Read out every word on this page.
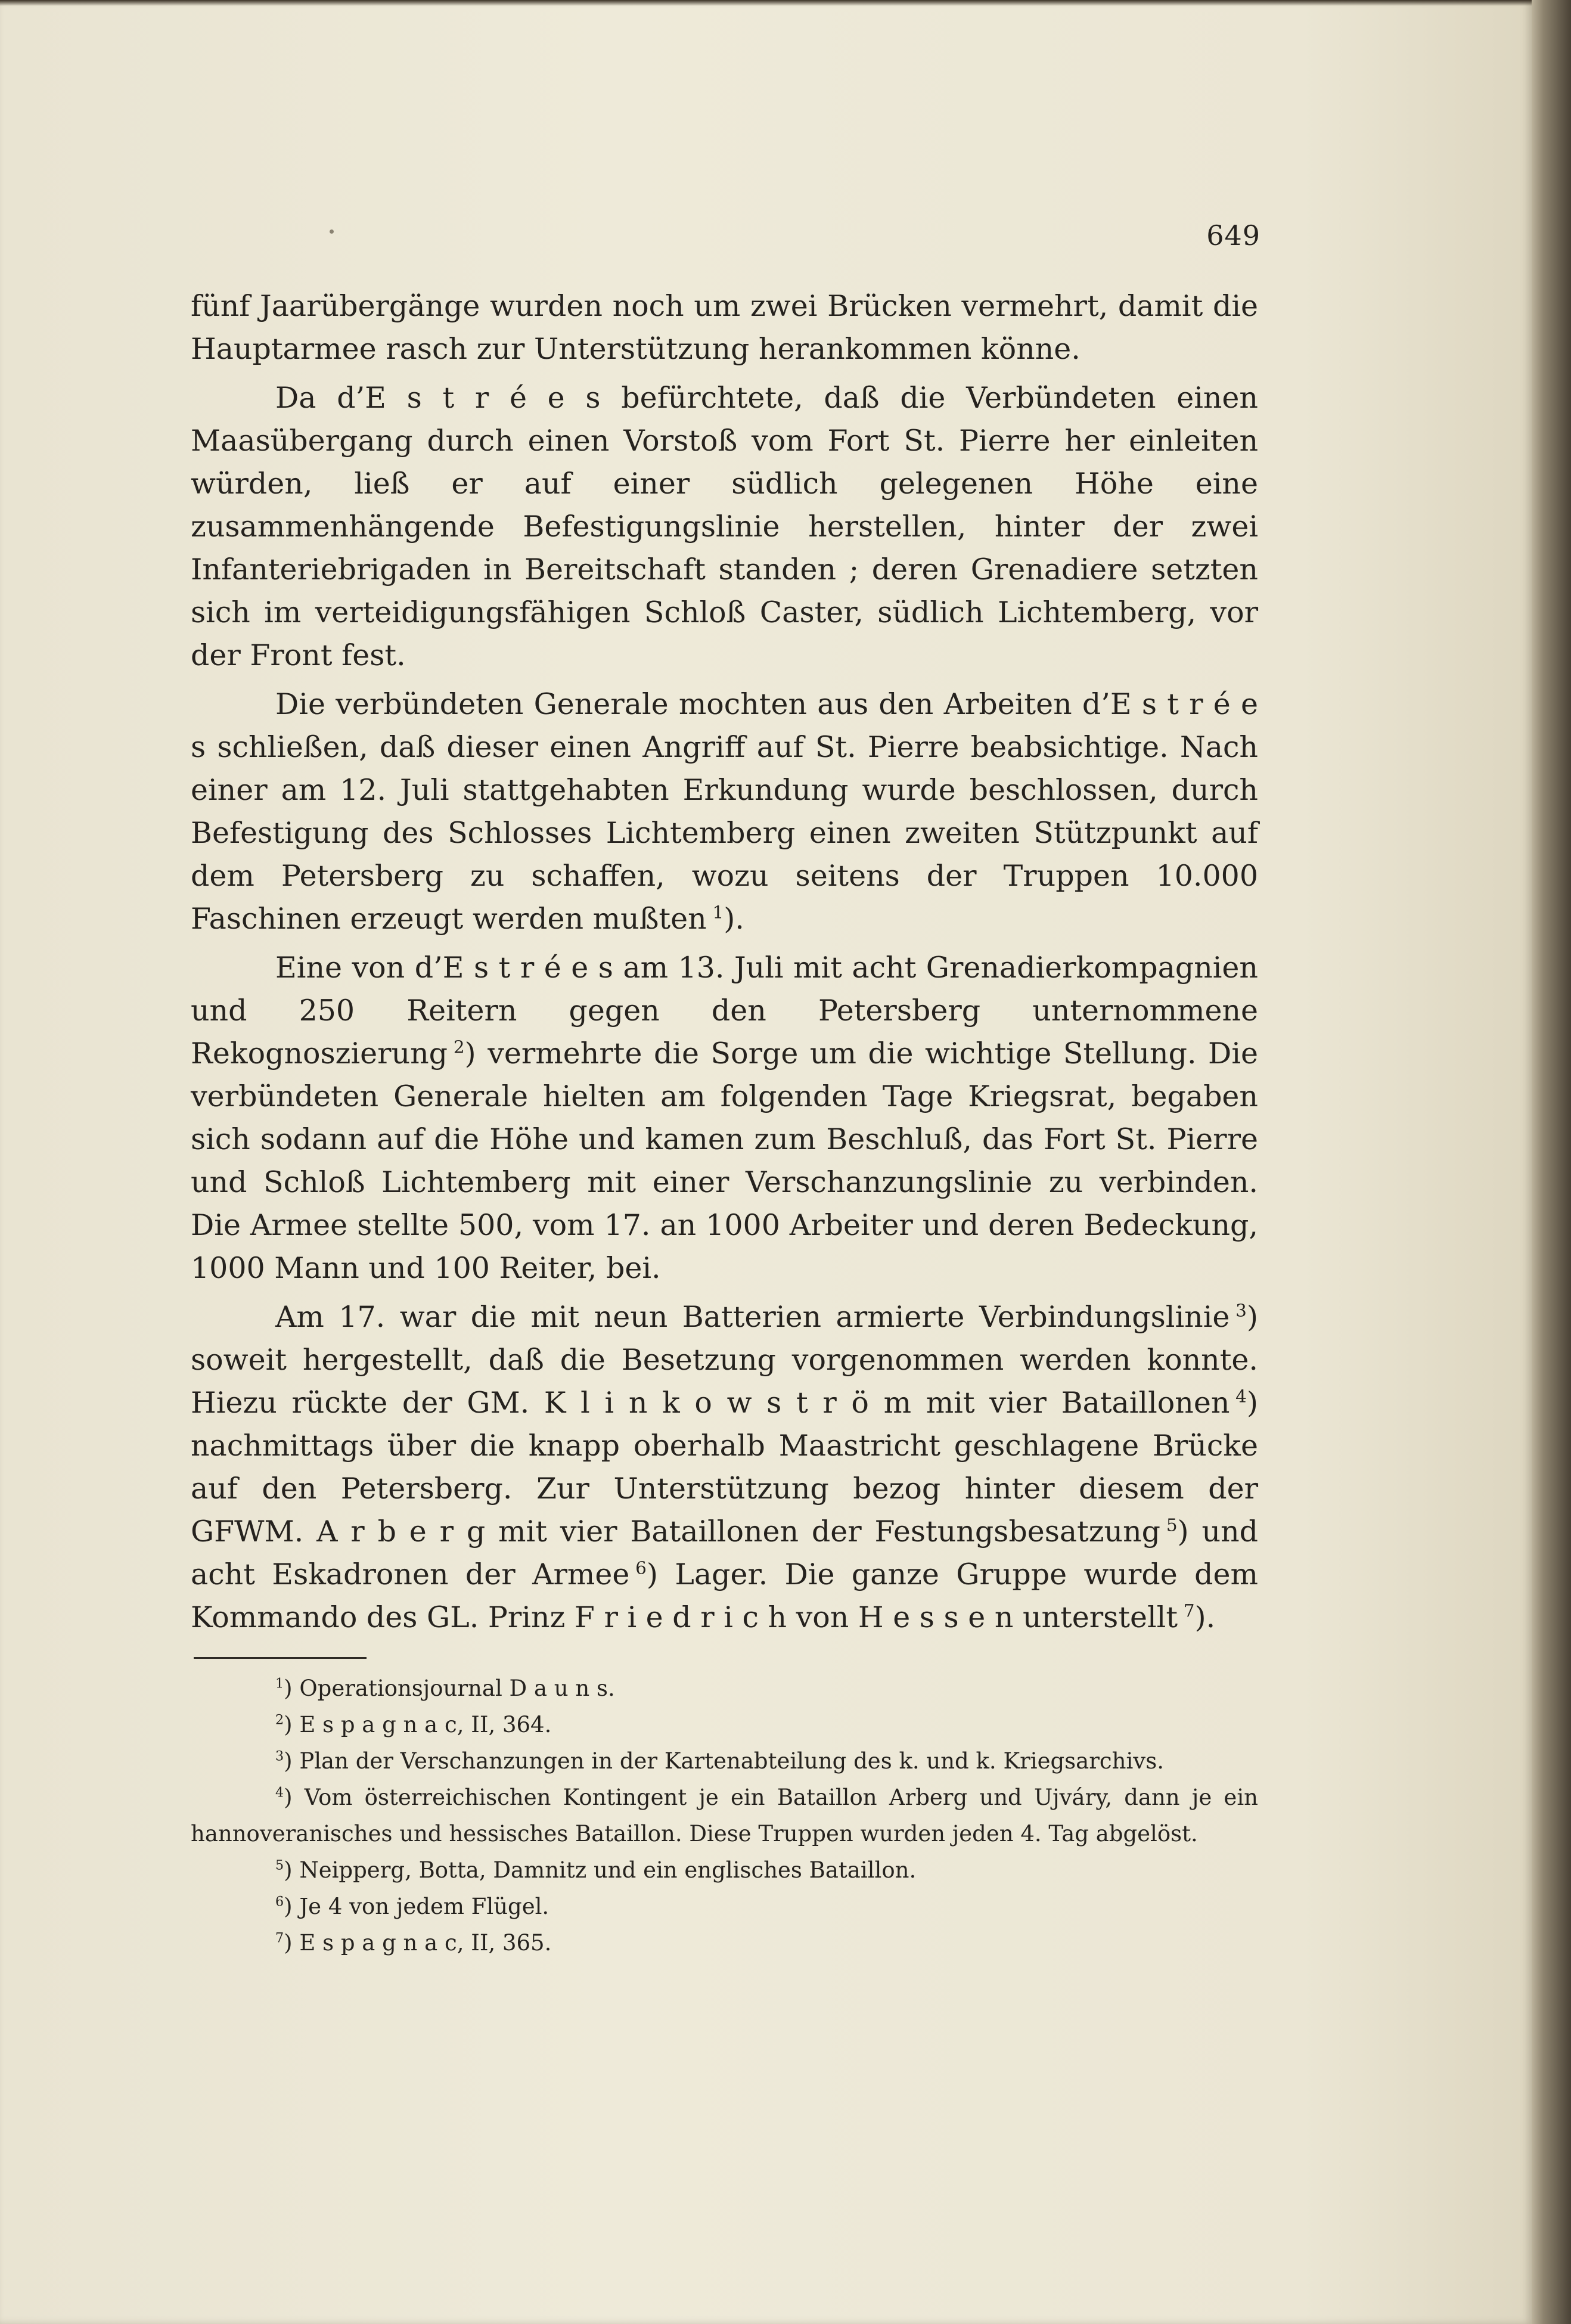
649

fünf Jaarübergänge wurden noch um zwei Brücken vermehrt, damit die Hauptarmee rasch zur Unterstützung herankommen könne.

Da d’E s t r é e s befürchtete, daß die Verbündeten einen Maasübergang durch einen Vorstoß vom Fort St. Pierre her einleiten würden, ließ er auf einer südlich gelegenen Höhe eine zusammenhängende Befestigungslinie herstellen, hinter der zwei Infanteriebrigaden in Bereitschaft standen ; deren Grenadiere setzten sich im verteidigungsfähigen Schloß Caster, südlich Lichtemberg, vor der Front fest.

Die verbündeten Generale mochten aus den Arbeiten d’E s t r é e s schließen, daß dieser einen Angriff auf St. Pierre beabsichtige. Nach einer am 12. Juli stattgehabten Erkundung wurde beschlossen, durch Befestigung des Schlosses Lichtemberg einen zweiten Stützpunkt auf dem Petersberg zu schaffen, wozu seitens der Truppen 10.000 Faschinen erzeugt werden mußten  $^1$).

Eine von d’E s t r é e s am 13. Juli mit acht Grenadierkompagnien und 250 Reitern gegen den Petersberg unternommene Rekognoszierung  $^2$) vermehrte die Sorge um die wichtige Stellung. Die verbündeten Generale hielten am folgenden Tage Kriegsrat, begaben sich sodann auf die Höhe und kamen zum Beschluß, das Fort St. Pierre und Schloß Lichtemberg mit einer Verschanzungslinie zu verbinden. Die Armee stellte 500, vom 17. an 1000 Arbeiter und deren Bedeckung, 1000 Mann und 100 Reiter, bei.

Am 17. war die mit neun Batterien armierte Verbindungslinie  $^3$) soweit hergestellt, daß die Besetzung vorgenommen werden konnte. Hiezu rückte der GM. K l i n k o w s t r ö m mit vier Bataillonen  $^4$) nachmittags über die knapp oberhalb Maastricht geschlagene Brücke auf den Petersberg. Zur Unterstützung bezog hinter diesem der GFWM. A r b e r g mit vier Bataillonen der Festungsbesatzung  $^5$) und acht Eskadronen der Armee  $^6$) Lager. Die ganze Gruppe wurde dem Kommando des GL. Prinz F r i e d r i c h von H e s s e n unterstellt  $^7$).

$^1$) Operationsjournal D a u n s.

$^2$) E s p a g n a c, II, 364.

$^3$) Plan der Verschanzungen in der Kartenabteilung des k. und k. Kriegsarchivs.

$^4$) Vom österreichischen Kontingent je ein Bataillon Arberg und Ujváry, dann je ein hannoveranisches und hessisches Bataillon. Diese Truppen wurden jeden 4. Tag abgelöst.

$^5$) Neipperg, Botta, Damnitz und ein englisches Bataillon.

$^6$) Je 4 von jedem Flügel.

$^7$) E s p a g n a c, II, 365.
